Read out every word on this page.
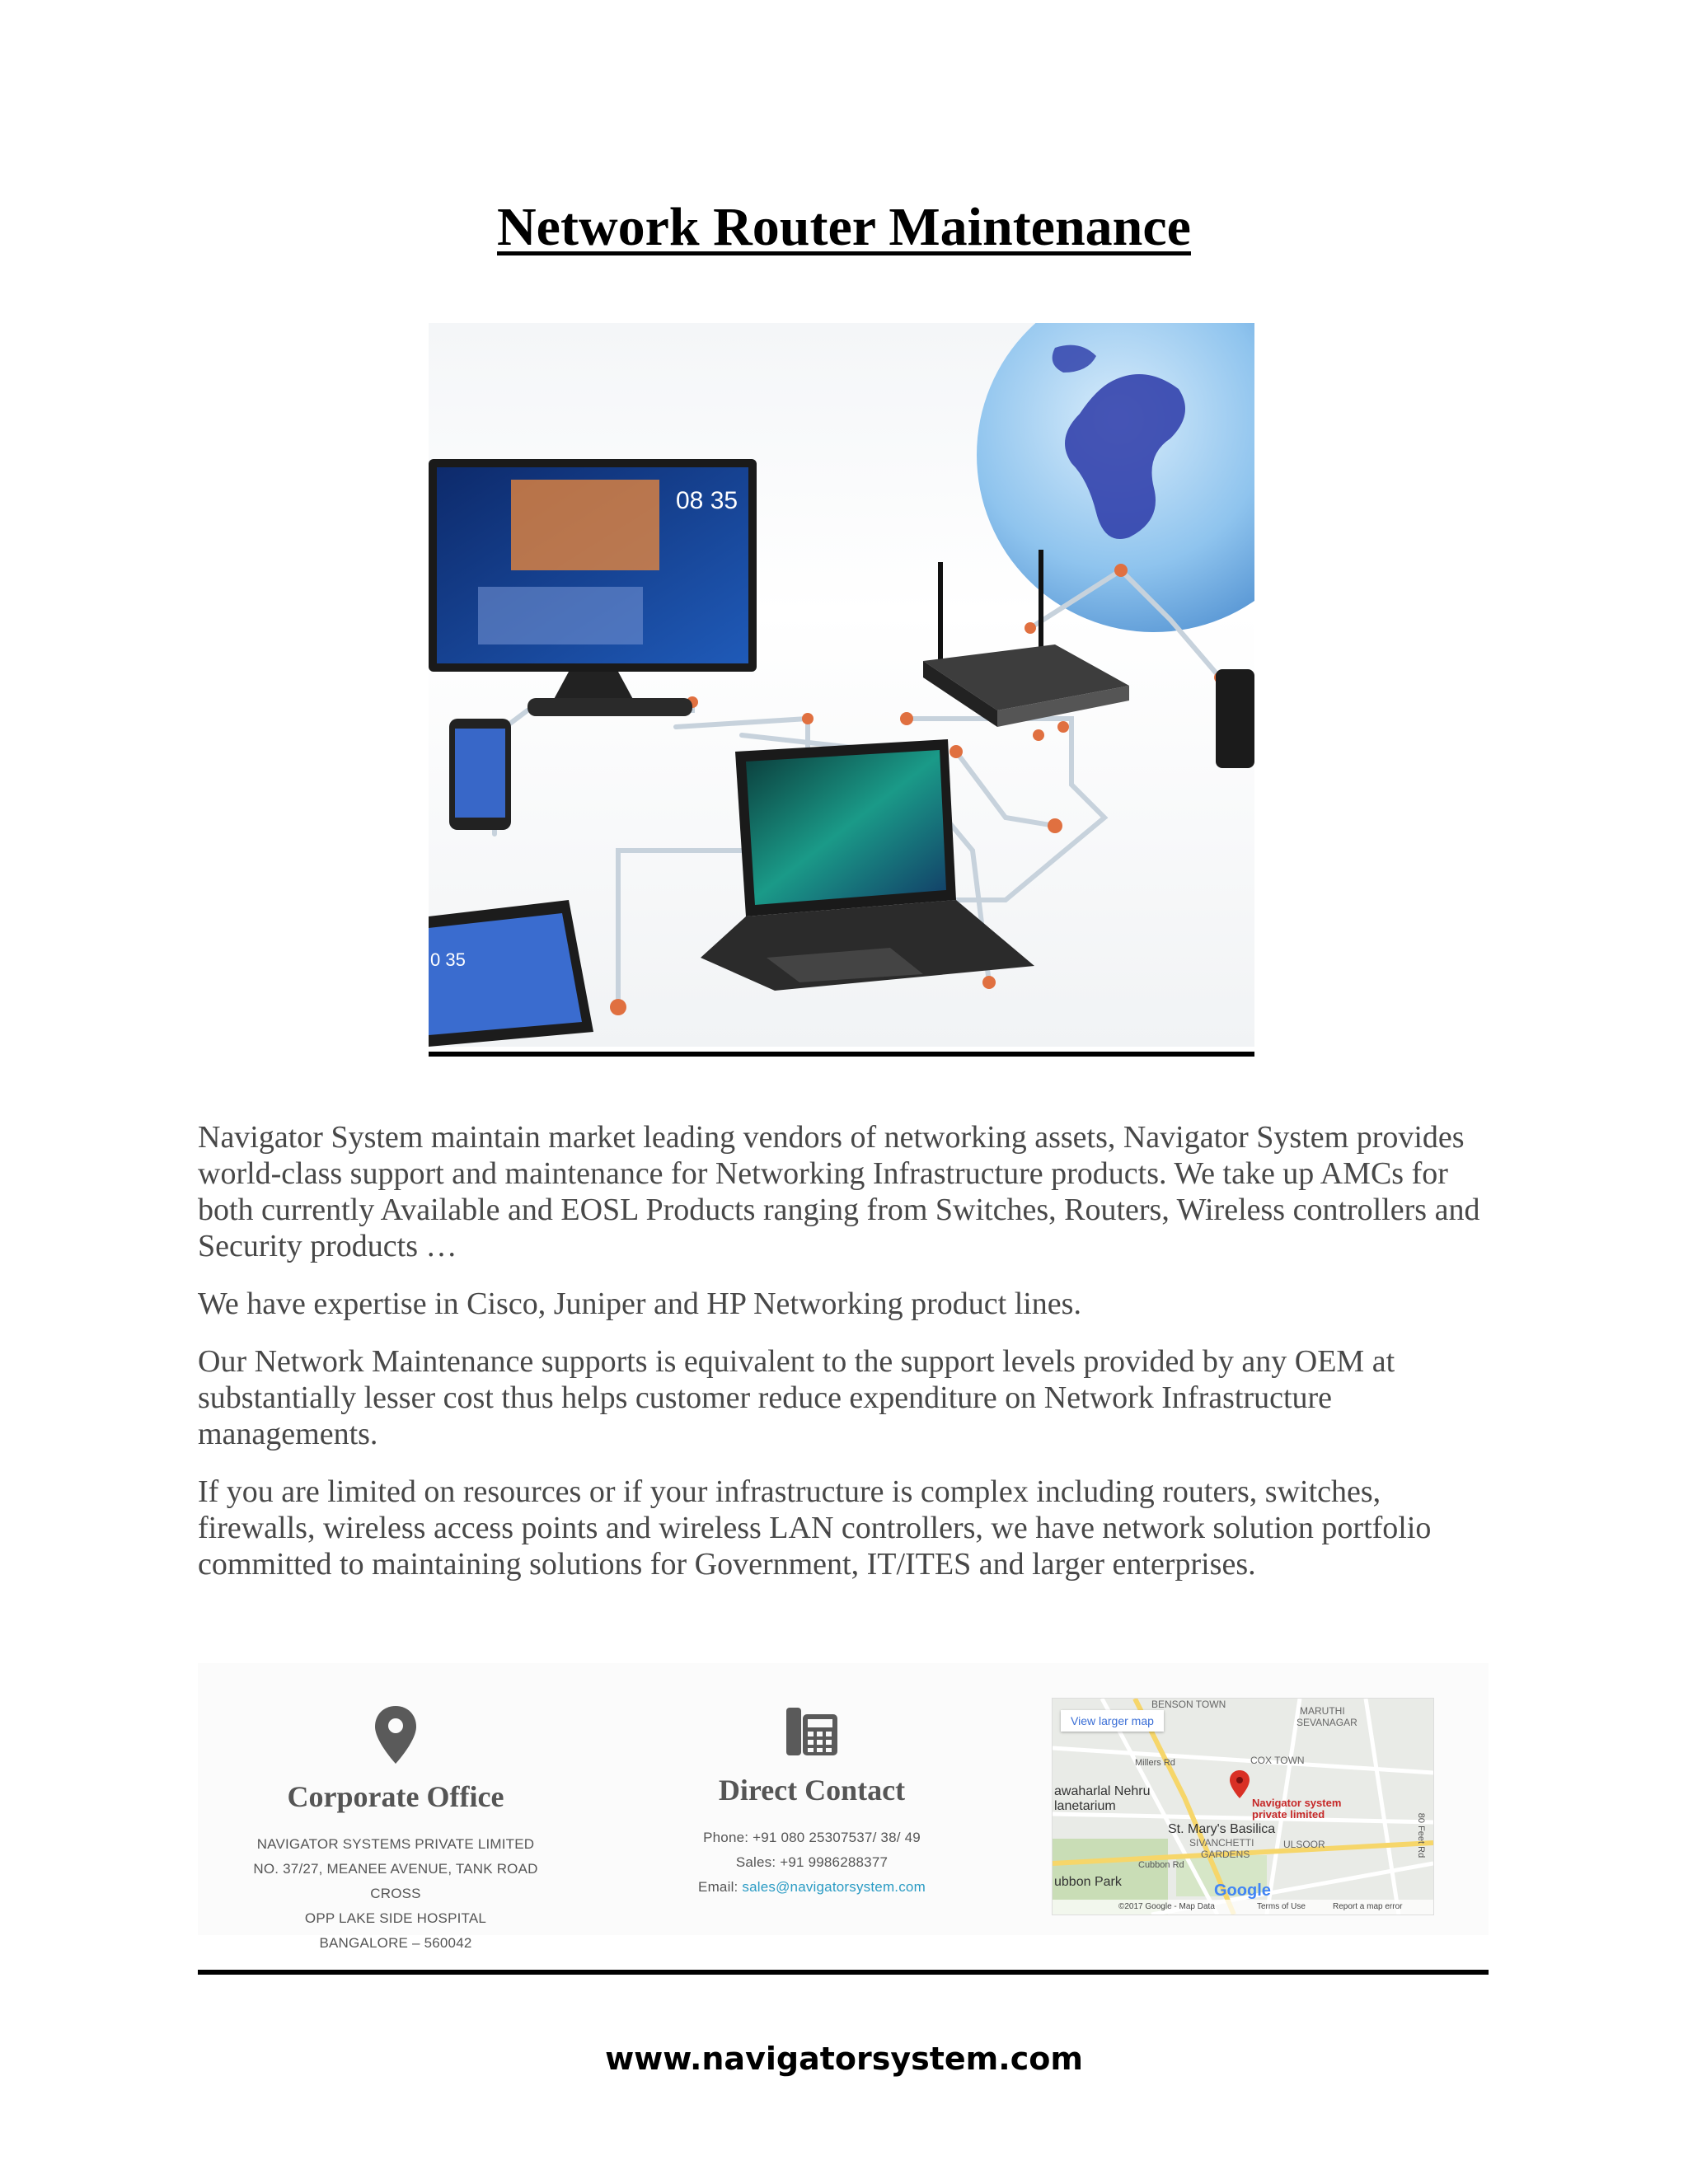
Network Router Maintenance
08 35
0 35

Navigator System maintain market leading vendors of networking assets, Navigator System provides world-class support and maintenance for Networking Infrastructure products. We take up AMCs for both currently Available and EOSL Products ranging from Switches, Routers, Wireless controllers and Security products …

We have expertise in Cisco, Juniper and HP Networking product lines.

Our Network Maintenance supports is equivalent to the support levels provided by any OEM at substantially lesser cost thus helps customer reduce expenditure on Network Infrastructure managements.

If you are limited on resources or if your infrastructure is complex including routers, switches, firewalls, wireless access points and wireless LAN controllers, we have network solution portfolio committed to maintaining solutions for Government, IT/ITES and larger enterprises.

Corporate Office
NAVIGATOR SYSTEMS PRIVATE LIMITED
NO. 37/27, MEANEE AVENUE, TANK ROAD CROSS
OPP LAKE SIDE HOSPITAL
BANGALORE – 560042
Direct Contact
Phone: +91 080 25307537/ 38/ 49
Sales: +91 9986288377
Email: sales@navigatorsystem.com
View larger map
BENSON TOWN
MARUTHI
SEVANAGAR
Millers Rd	COX TOWN
awaharlal Nehru
lanetarium	Navigator system
private limited
St. Mary's Basilica
SIVANCHETTI
GARDENS
ULSOOR
Cubbon Rd
ubbon Park
80 Feet Rd
Google
©2017 Google - Map Data	Terms of Use	Report a map error
www.navigatorsystem.com
